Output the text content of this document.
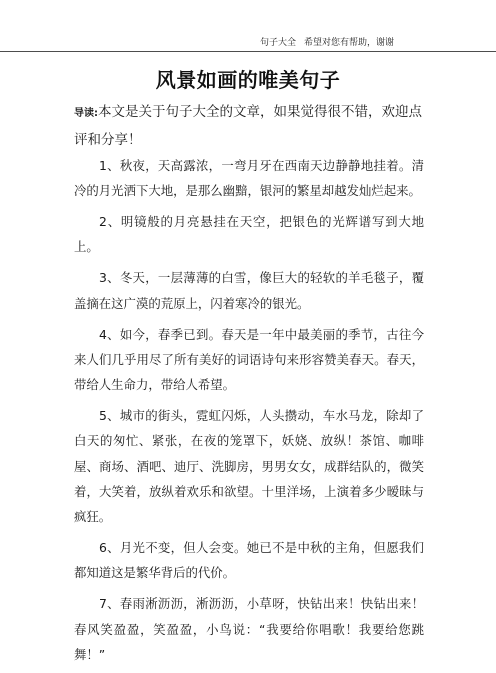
句子大全 希望对您有帮助，谢谢
风景如画的唯美句子
导读:本文是关于句子大全的文章，如果觉得很不错，欢迎点评和分享！

1、秋夜，天高露浓，一弯月牙在西南天边静静地挂着。清冷的月光洒下大地，是那么幽黯，银河的繁星却越发灿烂起来。

2、明镜般的月亮悬挂在天空，把银色的光辉谱写到大地上。

3、冬天，一层薄薄的白雪，像巨大的轻软的羊毛毯子，覆盖摘在这广漠的荒原上，闪着寒冷的银光。

4、如今，春季已到。春天是一年中最美丽的季节，古往今来人们几乎用尽了所有美好的词语诗句来形容赞美春天。春天，带给人生命力，带给人希望。

5、城市的街头，霓虹闪烁，人头攒动，车水马龙，除却了白天的匆忙、紧张，在夜的笼罩下，妖娆、放纵！茶馆、咖啡屋、商场、酒吧、迪厅、洗脚房，男男女女，成群结队的，微笑着，大笑着，放纵着欢乐和欲望。十里洋场，上演着多少暧昧与疯狂。

6、月光不变，但人会变。她已不是中秋的主角，但愿我们都知道这是繁华背后的代价。

7、春雨淅沥沥，淅沥沥，小草呀，快钻出来！快钻出来！春风笑盈盈，笑盈盈，小鸟说：“我要给你唱歌！我要给您跳舞！”
